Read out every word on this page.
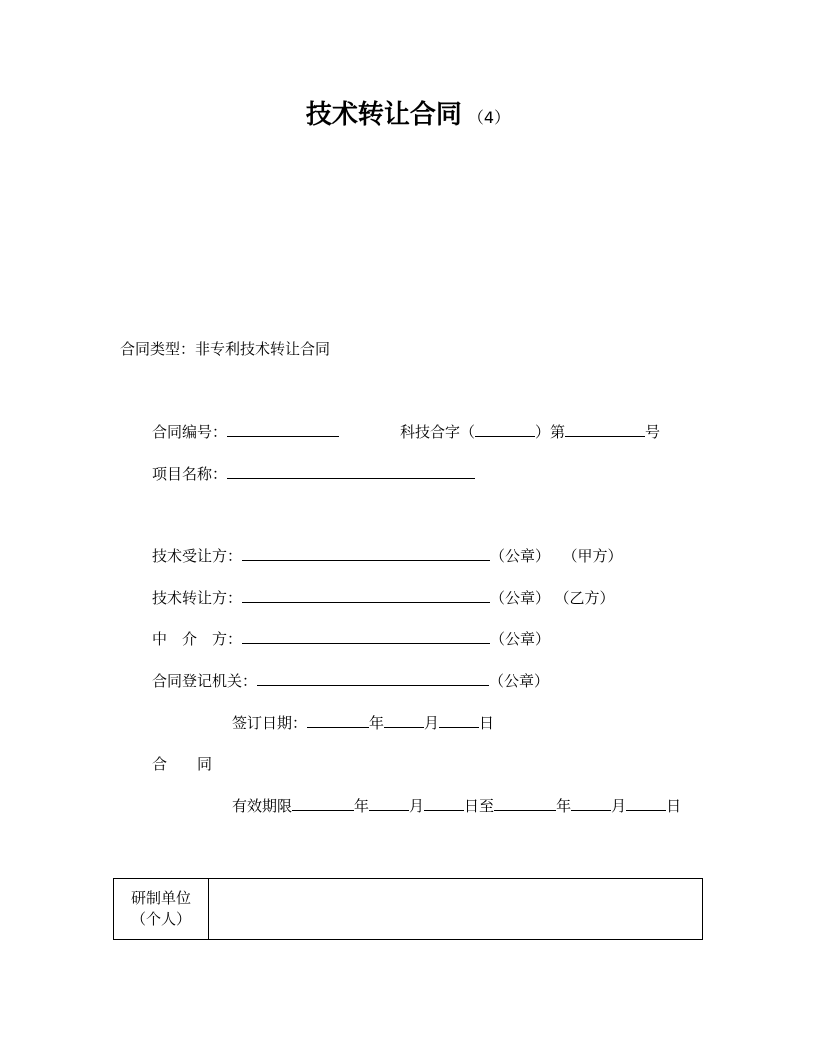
技术转让合同 （4）
合同类型：非专利技术转让合同
合同编号：	科技合字（	）第	号
项目名称：
技术受让方：	（公章） （甲方）
技术转让方：	（公章） （乙方）
中　介　方：	（公章）
合同登记机关：	（公章）
签订日期：	年	月	日
合　　同
有效期限	年	月	日至	年	月	日
研制单位
（个人）
